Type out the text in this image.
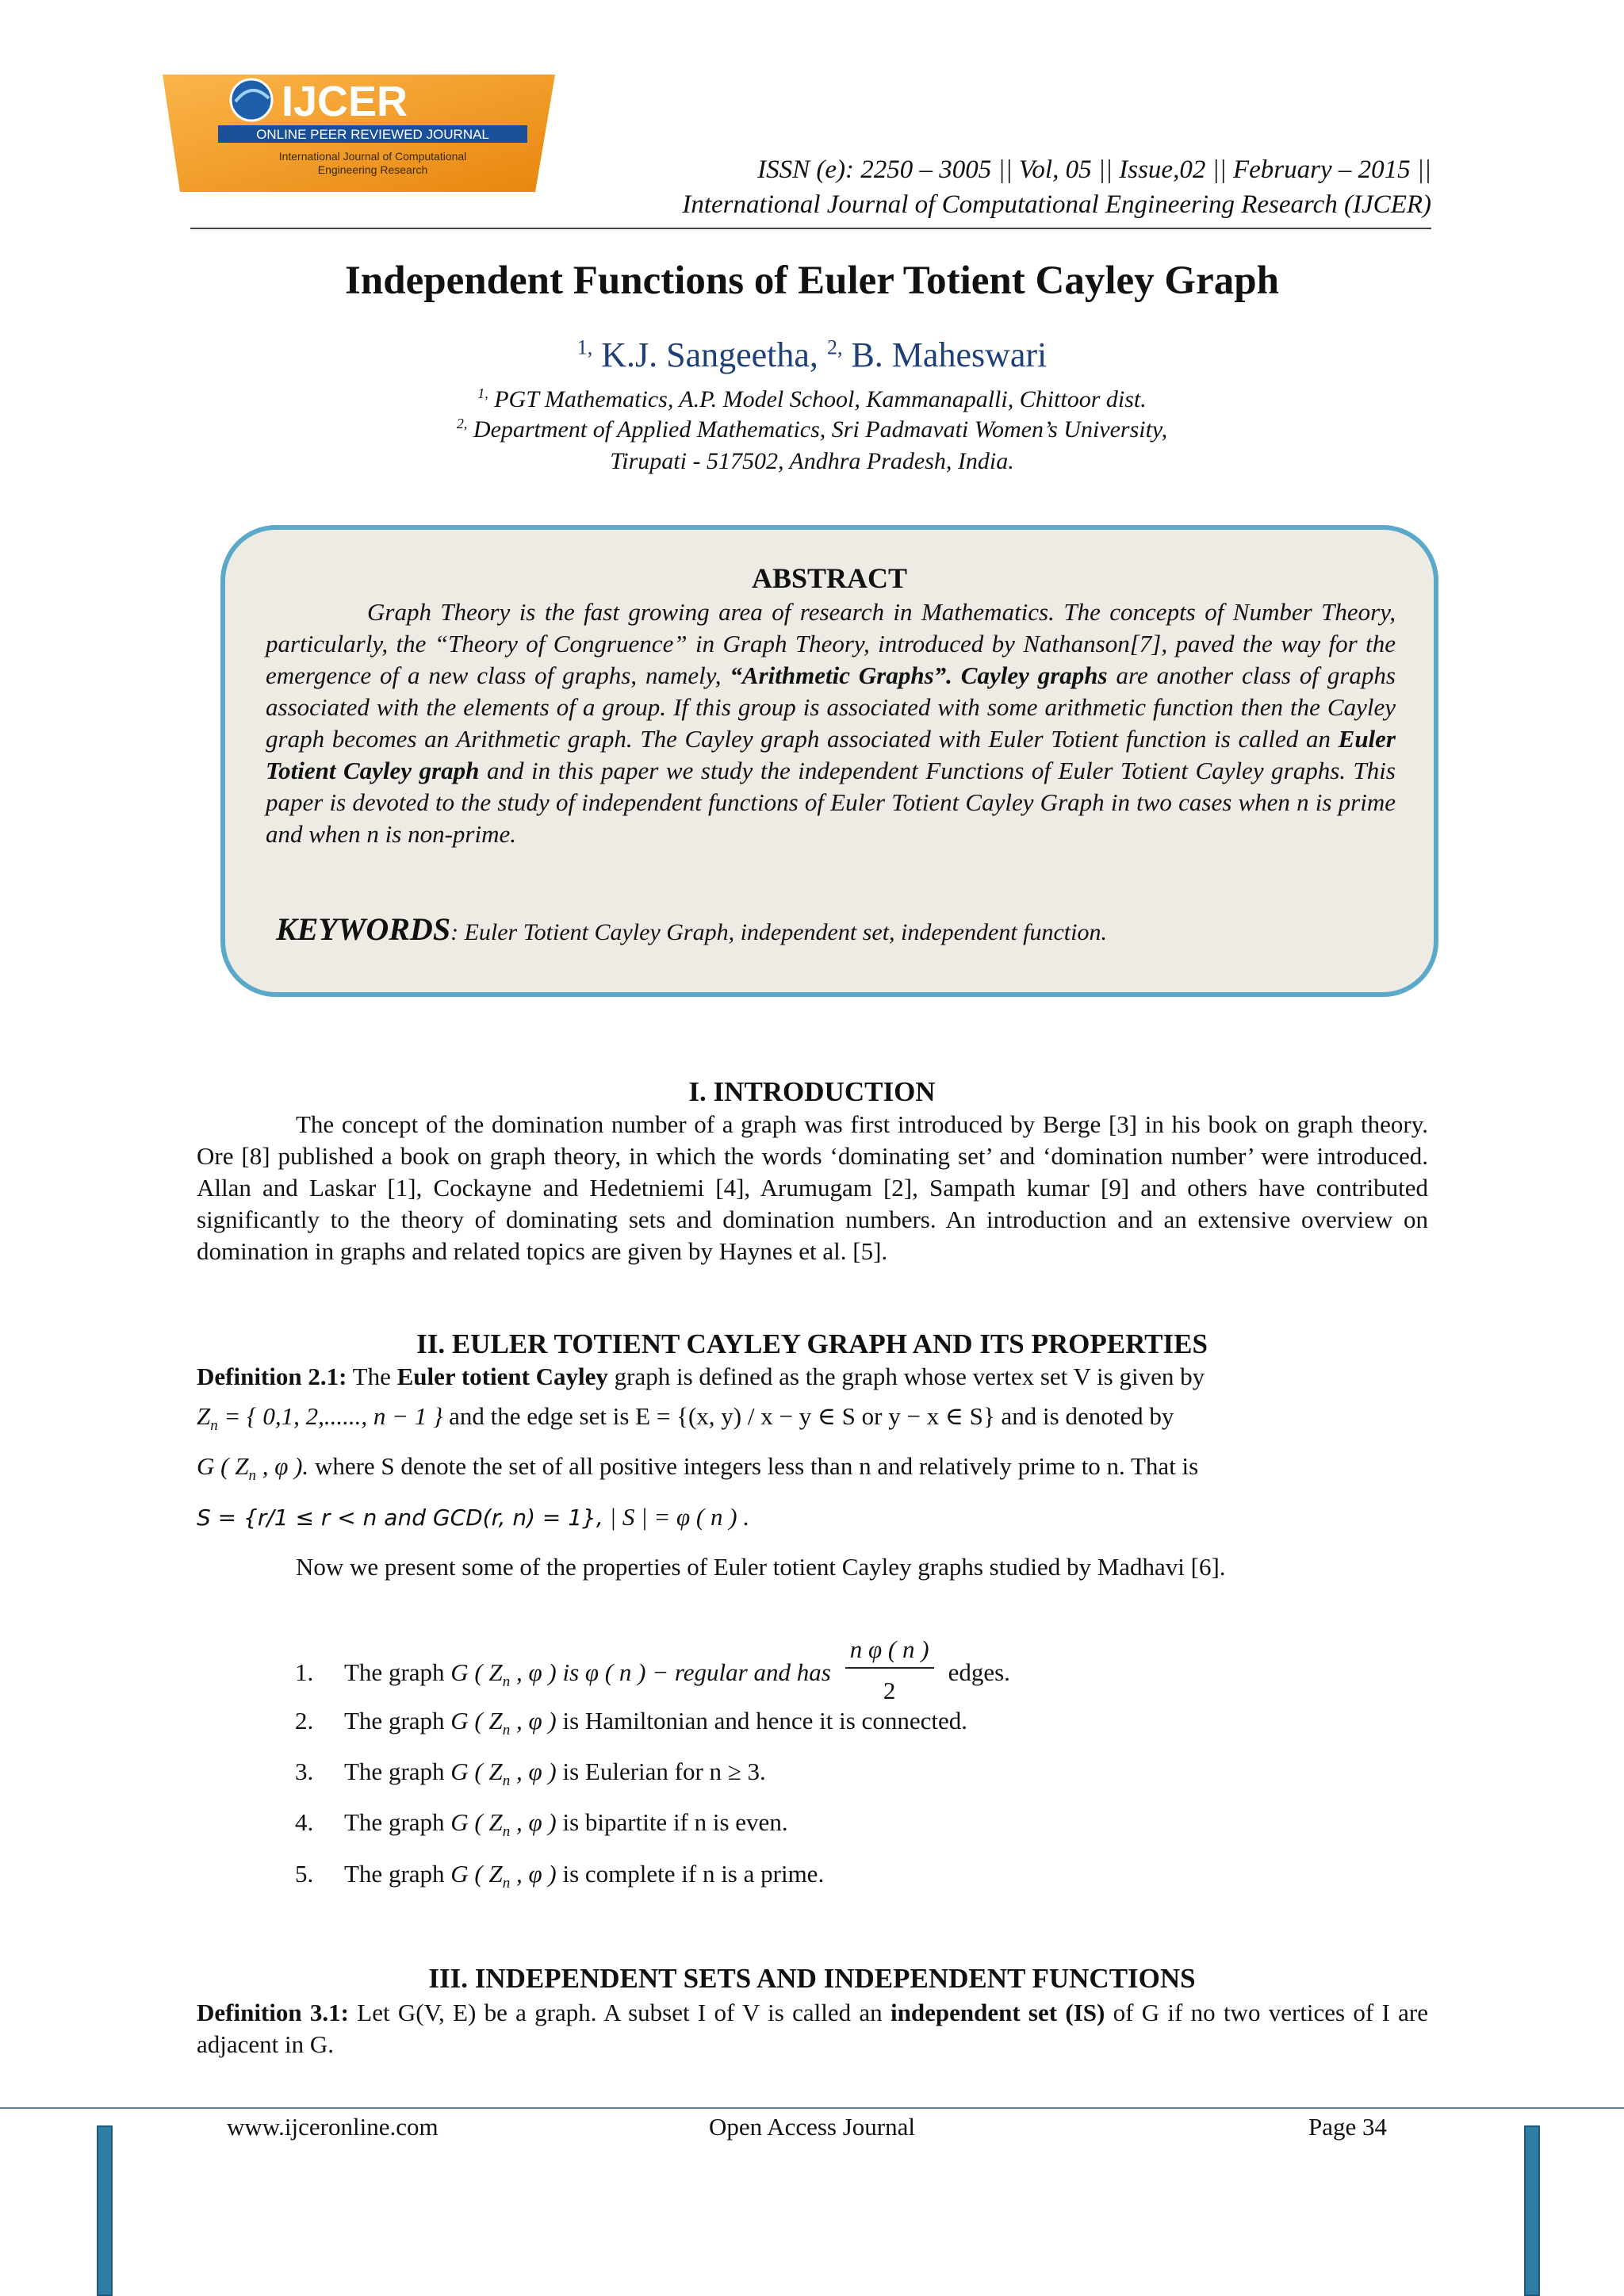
IJCER
ONLINE PEER REVIEWED JOURNAL
International Journal of Computational
Engineering Research	ISSN (e): 2250 – 3005 || Vol, 05 || Issue,02 || February – 2015 ||
International Journal of Computational Engineering Research (IJCER)
Independent Functions of Euler Totient Cayley Graph
$^{1,}$ K.J. Sangeetha, $^{2,}$ B. Maheswari
$^{1,}$ PGT Mathematics, A.P. Model School, Kammanapalli, Chittoor dist.
$^{2,}$ Department of Applied Mathematics, Sri Padmavati Women’s University,
Tirupati - 517502, Andhra Pradesh, India.
ABSTRACT
Graph Theory is the fast growing area of research in Mathematics. The concepts of Number Theory, particularly, the “Theory of Congruence” in Graph Theory, introduced by Nathanson[7], paved the way for the emergence of a new class of graphs, namely, “Arithmetic Graphs”. Cayley graphs are another class of graphs associated with the elements of a group. If this group is associated with some arithmetic function then the Cayley graph becomes an Arithmetic graph. The Cayley graph associated with Euler Totient function is called an Euler Totient Cayley graph and in this paper we study the independent Functions of Euler Totient Cayley graphs. This paper is devoted to the study of independent functions of Euler Totient Cayley Graph in two cases when n is prime and when n is non-prime.
KEYWORDS: Euler Totient Cayley Graph, independent set, independent function.
I. INTRODUCTION
The concept of the domination number of a graph was first introduced by Berge [3] in his book on graph theory. Ore [8] published a book on graph theory, in which the words ‘dominating set’ and ‘domination number’ were introduced. Allan and Laskar [1], Cockayne and Hedetniemi [4], Arumugam [2], Sampath kumar [9] and others have contributed significantly to the theory of dominating sets and domination numbers. An introduction and an extensive overview on domination in graphs and related topics are given by Haynes et al. [5].
II. EULER TOTIENT CAYLEY GRAPH AND ITS PROPERTIES
Definition 2.1: The Euler totient Cayley graph is defined as the graph whose vertex set V is given by
$Z_n$ = { 0,1, 2,......, n − 1 } and the edge set is E = {(x, y) / x − y ∈ S or y − x ∈ S} and is denoted by
G ( $Z_n$ , φ ). where S denote the set of all positive integers less than n and relatively prime to n. That is
S = {r/1 ≤ r < n and GCD(r, n) = 1}, | S | = φ ( n ) .
Now we present some of the properties of Euler totient Cayley graphs studied by Madhavi [6].
1. The graph G ( $Z_n$ , φ ) is φ ( n ) − regular and has $\frac{\text{n φ ( n )}}{2}$ edges.
2. The graph G ( $Z_n$ , φ ) is Hamiltonian and hence it is connected.
3. The graph G ( $Z_n$ , φ ) is Eulerian for n ≥ 3.
4. The graph G ( $Z_n$ , φ ) is bipartite if n is even.
5. The graph G ( $Z_n$ , φ ) is complete if n is a prime.
III. INDEPENDENT SETS AND INDEPENDENT FUNCTIONS
Definition 3.1: Let G(V, E) be a graph. A subset I of V is called an independent set (IS) of G if no two vertices of I are adjacent in G.
www.ijceronline.com	Open Access Journal	Page 34
